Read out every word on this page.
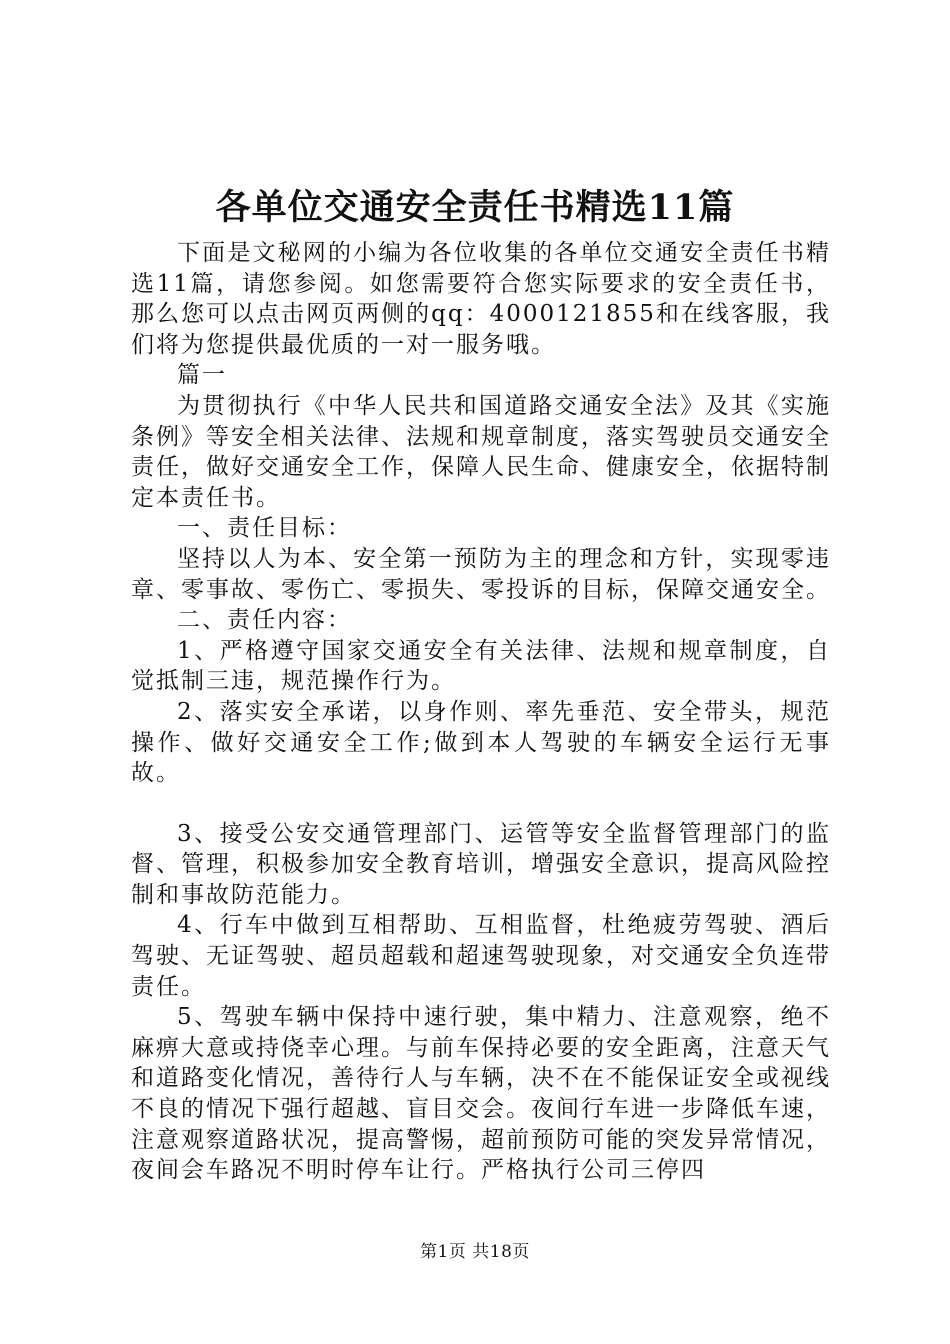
各单位交通安全责任书精选11篇

下面是文秘网的小编为各位收集的各单位交通安全责任书精选11篇，请您参阅。如您需要符合您实际要求的安全责任书，那么您可以点击网页两侧的qq：4000121855和在线客服，我们将为您提供最优质的一对一服务哦。

篇一

为贯彻执行《中华人民共和国道路交通安全法》及其《实施条例》等安全相关法律、法规和规章制度，落实驾驶员交通安全责任，做好交通安全工作，保障人民生命、健康安全，依据特制定本责任书。

一、责任目标：

坚持以人为本、安全第一预防为主的理念和方针，实现零违章、零事故、零伤亡、零损失、零投诉的目标，保障交通安全。

二、责任内容：

1、严格遵守国家交通安全有关法律、法规和规章制度，自觉抵制三违，规范操作行为。

2、落实安全承诺，以身作则、率先垂范、安全带头，规范操作、做好交通安全工作;做到本人驾驶的车辆安全运行无事故。

3、接受公安交通管理部门、运管等安全监督管理部门的监督、管理，积极参加安全教育培训，增强安全意识，提高风险控制和事故防范能力。

4、行车中做到互相帮助、互相监督，杜绝疲劳驾驶、酒后驾驶、无证驾驶、超员超载和超速驾驶现象，对交通安全负连带责任。

5、驾驶车辆中保持中速行驶，集中精力、注意观察，绝不麻痹大意或持侥幸心理。与前车保持必要的安全距离，注意天气和道路变化情况，善待行人与车辆，决不在不能保证安全或视线不良的情况下强行超越、盲目交会。夜间行车进一步降低车速，注意观察道路状况，提高警惕，超前预防可能的突发异常情况，夜间会车路况不明时停车让行。严格执行公司三停四

第1页 共18页
